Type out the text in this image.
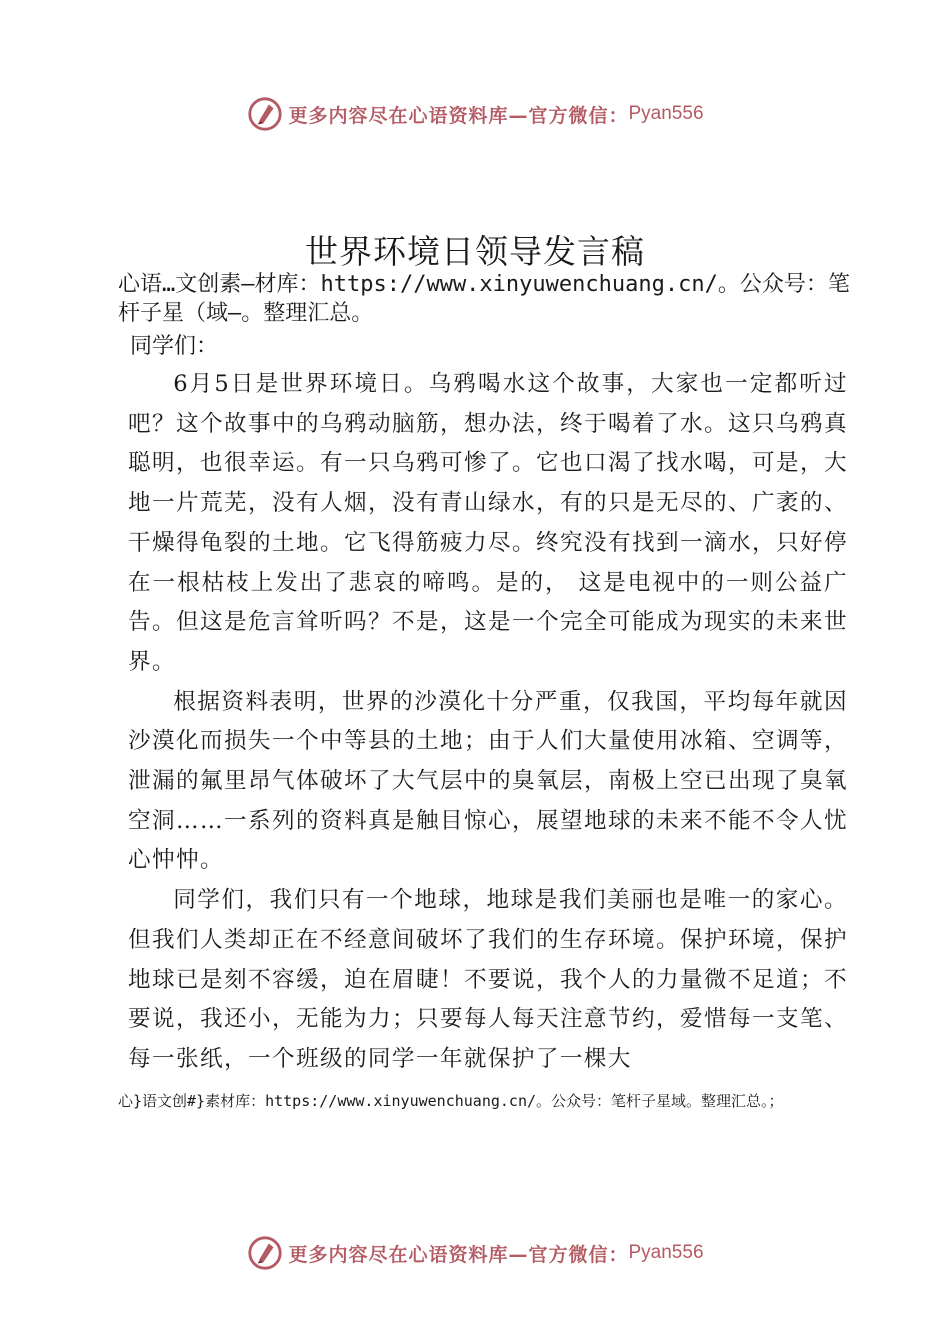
更多内容尽在心语资料库—官方微信： Pyan556
世界环境日领导发言稿

心语…文创素—材库：https://www.xinyuwenchuang.cn/。公众号：笔杆子星（域—。整理汇总。

同学们：

6月5日是世界环境日。乌鸦喝水这个故事，大家也一定都听过吧？这个故事中的乌鸦动脑筋，想办法，终于喝着了水。这只乌鸦真聪明，也很幸运。有一只乌鸦可惨了。它也口渴了找水喝，可是，大地一片荒芜，没有人烟，没有青山绿水，有的只是无尽的、广袤的、干燥得龟裂的土地。它飞得筋疲力尽。终究没有找到一滴水，只好停在一根枯枝上发出了悲哀的啼鸣。是的， 这是电视中的一则公益广告。但这是危言耸听吗？不是，这是一个完全可能成为现实的未来世界。

根据资料表明，世界的沙漠化十分严重，仅我国，平均每年就因沙漠化而损失一个中等县的土地；由于人们大量使用冰箱、空调等，泄漏的氟里昂气体破坏了大气层中的臭氧层，南极上空已出现了臭氧空洞……一系列的资料真是触目惊心，展望地球的未来不能不令人忧心忡忡。

同学们，我们只有一个地球，地球是我们美丽也是唯一的家心。但我们人类却正在不经意间破坏了我们的生存环境。保护环境，保护地球已是刻不容缓，迫在眉睫！不要说，我个人的力量微不足道；不要说，我还小，无能为力；只要每人每天注意节约，爱惜每一支笔、每一张纸，一个班级的同学一年就保护了一棵大

心}语文创#}素材库：https://www.xinyuwenchuang.cn/。公众号：笔杆子星域。整理汇总。；

更多内容尽在心语资料库—官方微信： Pyan556
